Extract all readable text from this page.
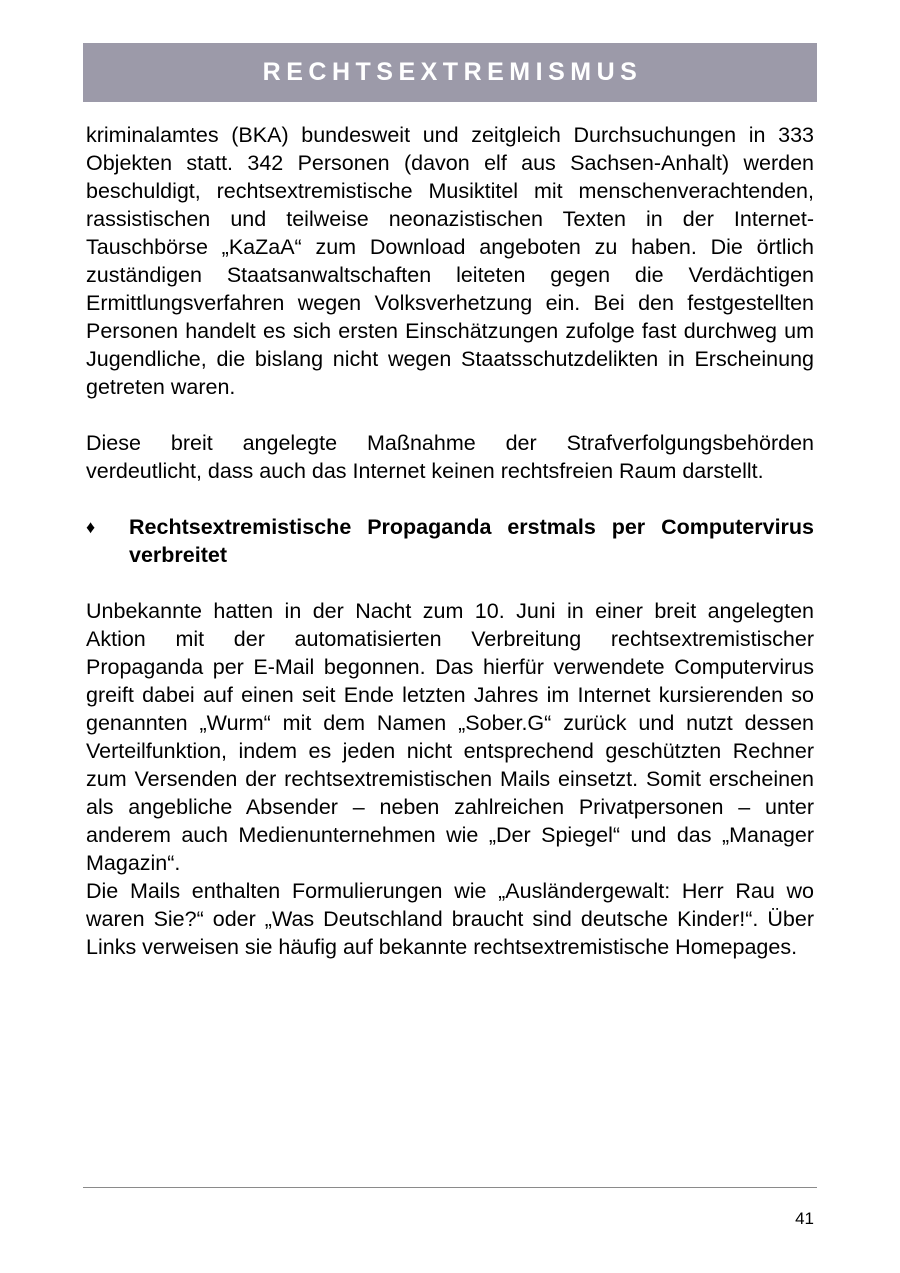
RECHTSEXTREMISMUS

kriminalamtes (BKA) bundesweit und zeitgleich Durchsuchungen in 333 Objekten statt. 342 Personen (davon elf aus Sachsen-Anhalt) werden beschuldigt, rechtsextremistische Musiktitel mit menschenverachtenden, rassistischen und teilweise neonazistischen Texten in der Internet-Tauschbörse „KaZaA“ zum Download angeboten zu haben. Die örtlich zuständigen Staatsanwaltschaften leiteten gegen die Verdächtigen Ermittlungsverfahren wegen Volksverhetzung ein. Bei den festgestellten Personen handelt es sich ersten Einschätzungen zufolge fast durchweg um Jugendliche, die bislang nicht wegen Staatsschutzdelikten in Erscheinung getreten waren.

Diese breit angelegte Maßnahme der Strafverfolgungsbehörden verdeutlicht, dass auch das Internet keinen rechtsfreien Raum darstellt.

♦	Rechtsextremistische Propaganda erstmals per Computervirus verbreitet

Unbekannte hatten in der Nacht zum 10. Juni in einer breit angelegten Aktion mit der automatisierten Verbreitung rechtsextremistischer Propaganda per E-Mail begonnen. Das hierfür verwendete Computervirus greift dabei auf einen seit Ende letzten Jahres im Internet kursierenden so genannten „Wurm“ mit dem Namen „Sober.G“ zurück und nutzt dessen Verteilfunktion, indem es jeden nicht entsprechend geschützten Rechner zum Versenden der rechtsextremistischen Mails einsetzt. Somit erscheinen als angebliche Absender – neben zahlreichen Privatpersonen – unter anderem auch Medienunternehmen wie „Der Spiegel“ und das „Manager Magazin“.

Die Mails enthalten Formulierungen wie „Ausländergewalt: Herr Rau wo waren Sie?“ oder „Was Deutschland braucht sind deutsche Kinder!“. Über Links verweisen sie häufig auf bekannte rechtsextremistische Homepages.

41
